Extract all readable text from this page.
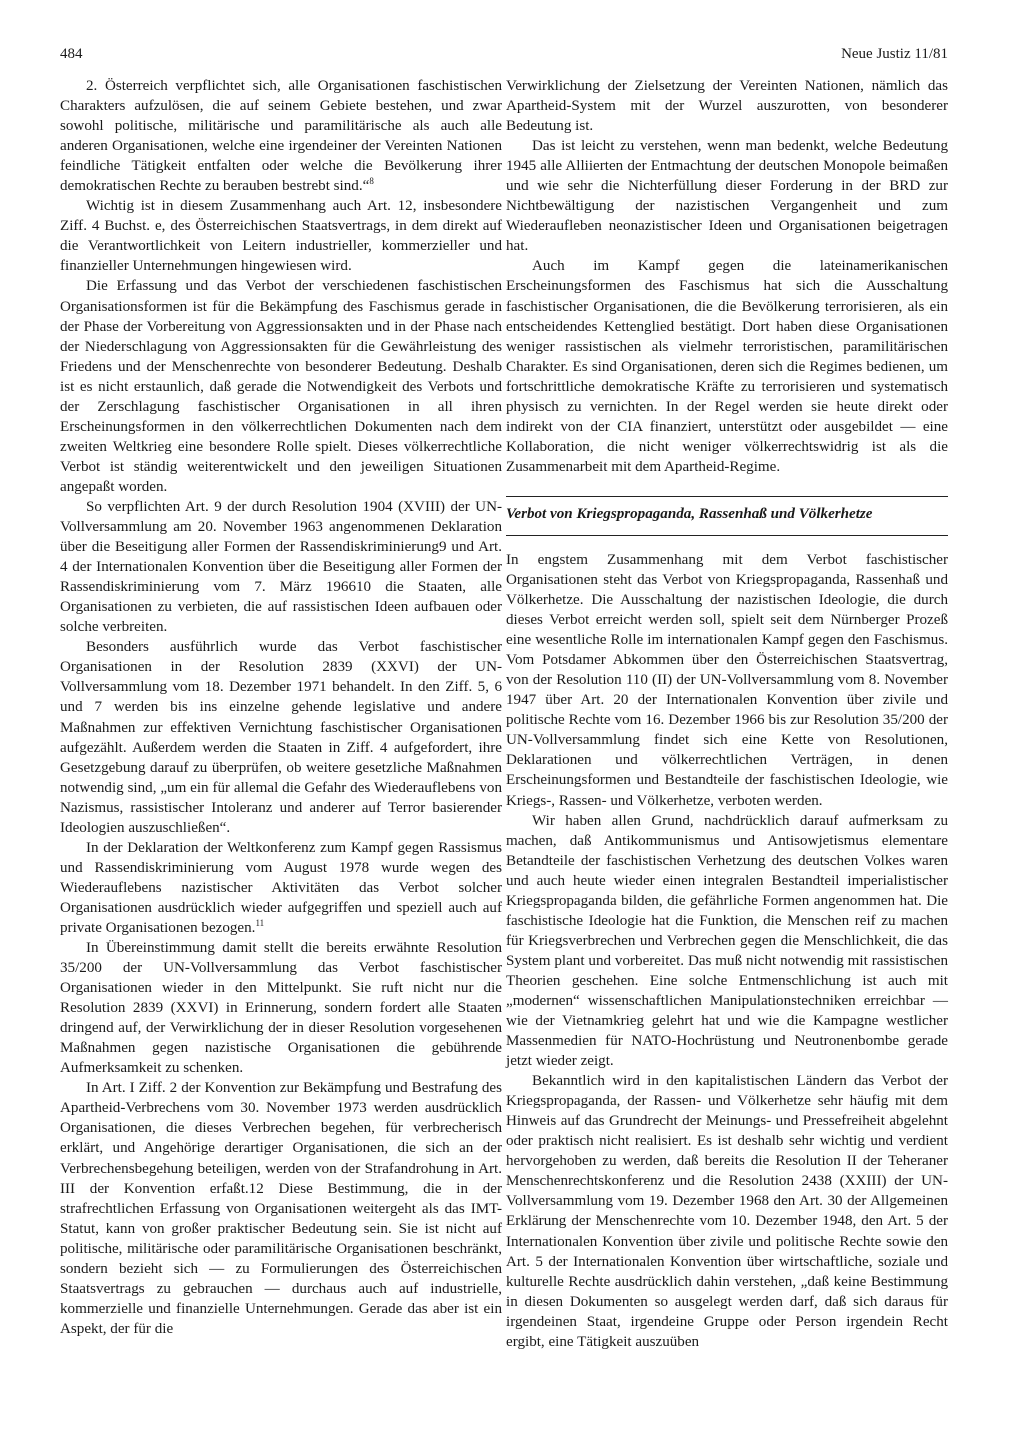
484	Neue Justiz 11/81

2. Österreich verpflichtet sich, alle Organisationen faschistischen Charakters aufzulösen, die auf seinem Gebiete bestehen, und zwar sowohl politische, militärische und paramilitärische als auch alle anderen Organisationen, welche eine irgendeiner der Vereinten Nationen feindliche Tätigkeit entfalten oder welche die Bevölkerung ihrer demokratischen Rechte zu berauben bestrebt sind.“$^8$

Wichtig ist in diesem Zusammenhang auch Art. 12, insbesondere Ziff. 4 Buchst. e, des Österreichischen Staatsvertrags, in dem direkt auf die Verantwortlichkeit von Leitern industrieller, kommerzieller und finanzieller Unternehmungen hingewiesen wird.

Die Erfassung und das Verbot der verschiedenen faschistischen Organisationsformen ist für die Bekämpfung des Faschismus gerade in der Phase der Vorbereitung von Aggressionsakten und in der Phase nach der Niederschlagung von Aggressionsakten für die Gewährleistung des Friedens und der Menschenrechte von besonderer Bedeutung. Deshalb ist es nicht erstaunlich, daß gerade die Notwendigkeit des Verbots und der Zerschlagung faschistischer Organisationen in all ihren Erscheinungsformen in den völkerrechtlichen Dokumenten nach dem zweiten Weltkrieg eine besondere Rolle spielt. Dieses völkerrechtliche Verbot ist ständig weiterentwickelt und den jeweiligen Situationen angepaßt worden.

So verpflichten Art. 9 der durch Resolution 1904 (XVIII) der UN-Vollversammlung am 20. November 1963 angenommenen Deklaration über die Beseitigung aller Formen der Rassendiskriminierung9 und Art. 4 der Internationalen Konvention über die Beseitigung aller Formen der Rassendiskriminierung vom 7. März 196610 die Staaten, alle Organisationen zu verbieten, die auf rassistischen Ideen aufbauen oder solche verbreiten.

Besonders ausführlich wurde das Verbot faschistischer Organisationen in der Resolution 2839 (XXVI) der UN-Vollversammlung vom 18. Dezember 1971 behandelt. In den Ziff. 5, 6 und 7 werden bis ins einzelne gehende legislative und andere Maßnahmen zur effektiven Vernichtung faschistischer Organisationen aufgezählt. Außerdem werden die Staaten in Ziff. 4 aufgefordert, ihre Gesetzgebung darauf zu überprüfen, ob weitere gesetzliche Maßnahmen notwendig sind, „um ein für allemal die Gefahr des Wiederauflebens von Nazismus, rassistischer Intoleranz und anderer auf Terror basierender Ideologien auszuschließen“.

In der Deklaration der Weltkonferenz zum Kampf gegen Rassismus und Rassendiskriminierung vom August 1978 wurde wegen des Wiederauflebens nazistischer Aktivitäten das Verbot solcher Organisationen ausdrücklich wieder aufgegriffen und speziell auch auf private Organisationen bezogen.$^{11}$

In Übereinstimmung damit stellt die bereits erwähnte Resolution 35/200 der UN-Vollversammlung das Verbot faschistischer Organisationen wieder in den Mittelpunkt. Sie ruft nicht nur die Resolution 2839 (XXVI) in Erinnerung, sondern fordert alle Staaten dringend auf, der Verwirklichung der in dieser Resolution vorgesehenen Maßnahmen gegen nazistische Organisationen die gebührende Aufmerksamkeit zu schenken.

In Art. I Ziff. 2 der Konvention zur Bekämpfung und Bestrafung des Apartheid-Verbrechens vom 30. November 1973 werden ausdrücklich Organisationen, die dieses Verbrechen begehen, für verbrecherisch erklärt, und Angehörige derartiger Organisationen, die sich an der Verbrechensbegehung beteiligen, werden von der Strafandrohung in Art. III der Konvention erfaßt.12 Diese Bestimmung, die in der strafrechtlichen Erfassung von Organisationen weitergeht als das IMT-Statut, kann von großer praktischer Bedeutung sein. Sie ist nicht auf politische, militärische oder paramilitärische Organisationen beschränkt, sondern bezieht sich — zu Formulierungen des Österreichischen Staatsvertrags zu gebrauchen — durchaus auch auf industrielle, kommerzielle und finanzielle Unternehmungen. Gerade das aber ist ein Aspekt, der für die

Verwirklichung der Zielsetzung der Vereinten Nationen, nämlich das Apartheid-System mit der Wurzel auszurotten, von besonderer Bedeutung ist.

Das ist leicht zu verstehen, wenn man bedenkt, welche Bedeutung 1945 alle Alliierten der Entmachtung der deutschen Monopole beimaßen und wie sehr die Nichterfüllung dieser Forderung in der BRD zur Nichtbewältigung der nazistischen Vergangenheit und zum Wiederaufleben neonazistischer Ideen und Organisationen beigetragen hat.

Auch im Kampf gegen die lateinamerikanischen Erscheinungsformen des Faschismus hat sich die Ausschaltung faschistischer Organisationen, die die Bevölkerung terrorisieren, als ein entscheidendes Kettenglied bestätigt. Dort haben diese Organisationen weniger rassistischen als vielmehr terroristischen, paramilitärischen Charakter. Es sind Organisationen, deren sich die Regimes bedienen, um fortschrittliche demokratische Kräfte zu terrorisieren und systematisch physisch zu vernichten. In der Regel werden sie heute direkt oder indirekt von der CIA finanziert, unterstützt oder ausgebildet — eine Kollaboration, die nicht weniger völkerrechtswidrig ist als die Zusammenarbeit mit dem Apartheid-Regime.

Verbot von Kriegspropaganda, Rassenhaß und Völkerhetze

In engstem Zusammenhang mit dem Verbot faschistischer Organisationen steht das Verbot von Kriegspropaganda, Rassenhaß und Völkerhetze. Die Ausschaltung der nazistischen Ideologie, die durch dieses Verbot erreicht werden soll, spielt seit dem Nürnberger Prozeß eine wesentliche Rolle im internationalen Kampf gegen den Faschismus. Vom Potsdamer Abkommen über den Österreichischen Staatsvertrag, von der Resolution 110 (II) der UN-Vollversammlung vom 8. November 1947 über Art. 20 der Internationalen Konvention über zivile und politische Rechte vom 16. Dezember 1966 bis zur Resolution 35/200 der UN-Vollversammlung findet sich eine Kette von Resolutionen, Deklarationen und völkerrechtlichen Verträgen, in denen Erscheinungsformen und Bestandteile der faschistischen Ideologie, wie Kriegs-, Rassen- und Völkerhetze, verboten werden.

Wir haben allen Grund, nachdrücklich darauf aufmerksam zu machen, daß Antikommunismus und Antisowjetismus elementare Betandteile der faschistischen Verhetzung des deutschen Volkes waren und auch heute wieder einen integralen Bestandteil imperialistischer Kriegspropaganda bilden, die gefährliche Formen angenommen hat. Die faschistische Ideologie hat die Funktion, die Menschen reif zu machen für Kriegsverbrechen und Verbrechen gegen die Menschlichkeit, die das System plant und vorbereitet. Das muß nicht notwendig mit rassistischen Theorien geschehen. Eine solche Entmenschlichung ist auch mit „modernen“ wissenschaftlichen Manipulationstechniken erreichbar — wie der Vietnamkrieg gelehrt hat und wie die Kampagne westlicher Massenmedien für NATO-Hochrüstung und Neutronenbombe gerade jetzt wieder zeigt.

Bekanntlich wird in den kapitalistischen Ländern das Verbot der Kriegspropaganda, der Rassen- und Völkerhetze sehr häufig mit dem Hinweis auf das Grundrecht der Meinungs- und Pressefreiheit abgelehnt oder praktisch nicht realisiert. Es ist deshalb sehr wichtig und verdient hervorgehoben zu werden, daß bereits die Resolution II der Teheraner Menschenrechtskonferenz und die Resolution 2438 (XXIII) der UN-Vollversammlung vom 19. Dezember 1968 den Art. 30 der Allgemeinen Erklärung der Menschenrechte vom 10. Dezember 1948, den Art. 5 der Internationalen Konvention über zivile und politische Rechte sowie den Art. 5 der Internationalen Konvention über wirtschaftliche, soziale und kulturelle Rechte ausdrücklich dahin verstehen, „daß keine Bestimmung in diesen Dokumenten so ausgelegt werden darf, daß sich daraus für irgendeinen Staat, irgendeine Gruppe oder Person irgendein Recht ergibt, eine Tätigkeit auszuüben
